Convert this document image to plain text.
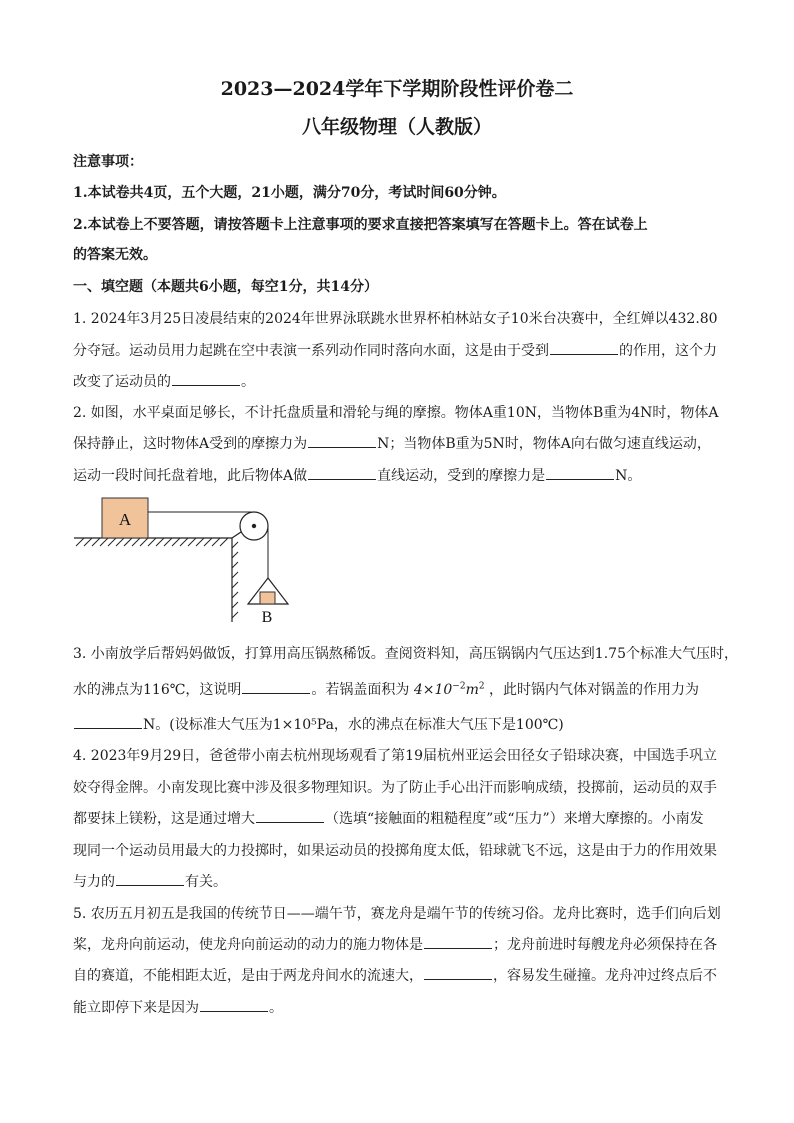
2023—2024学年下学期阶段性评价卷二
八年级物理（人教版）
注意事项：
1.本试卷共4页，五个大题，21小题，满分70分，考试时间60分钟。
2.本试卷上不要答题，请按答题卡上注意事项的要求直接把答案填写在答题卡上。答在试卷上
的答案无效。
一、填空题（本题共6小题，每空1分，共14分）
1. 2024年3月25日凌晨结束的2024年世界泳联跳水世界杯柏林站女子10米台决赛中，全红婵以432.80
分夺冠。运动员用力起跳在空中表演一系列动作同时落向水面，这是由于受到	的作用，这个力
改变了运动员的	。
2. 如图，水平桌面足够长，不计托盘质量和滑轮与绳的摩擦。物体A重10N，当物体B重为4N时，物体A
保持静止，这时物体A受到的摩擦力为	N；当物体B重为5N时，物体A向右做匀速直线运动，
运动一段时间托盘着地，此后物体A做	直线运动，受到的摩擦力是	N。
A
B
3. 小南放学后帮妈妈做饭，打算用高压锅熬稀饭。查阅资料知，高压锅锅内气压达到1.75个标准大气压时，
水的沸点为116℃，这说明	。若锅盖面积为 $4\times 10^{-2}m^2$ ，此时锅内气体对锅盖的作用力为
N。(设标准大气压为1×10⁵Pa，水的沸点在标准大气压下是100℃)
4. 2023年9月29日，爸爸带小南去杭州现场观看了第19届杭州亚运会田径女子铅球决赛，中国选手巩立
姣夺得金牌。小南发现比赛中涉及很多物理知识。为了防止手心出汗而影响成绩，投掷前，运动员的双手
都要抹上镁粉，这是通过增大	（选填“接触面的粗糙程度”或“压力”）来增大摩擦的。小南发
现同一个运动员用最大的力投掷时，如果运动员的投掷角度太低，铅球就飞不远，这是由于力的作用效果
与力的	有关。
5. 农历五月初五是我国的传统节日——端午节，赛龙舟是端午节的传统习俗。龙舟比赛时，选手们向后划
桨，龙舟向前运动，使龙舟向前运动的动力的施力物体是	；龙舟前进时每艘龙舟必须保持在各
自的赛道，不能相距太近，是由于两龙舟间水的流速大，	，容易发生碰撞。龙舟冲过终点后不
能立即停下来是因为	。
